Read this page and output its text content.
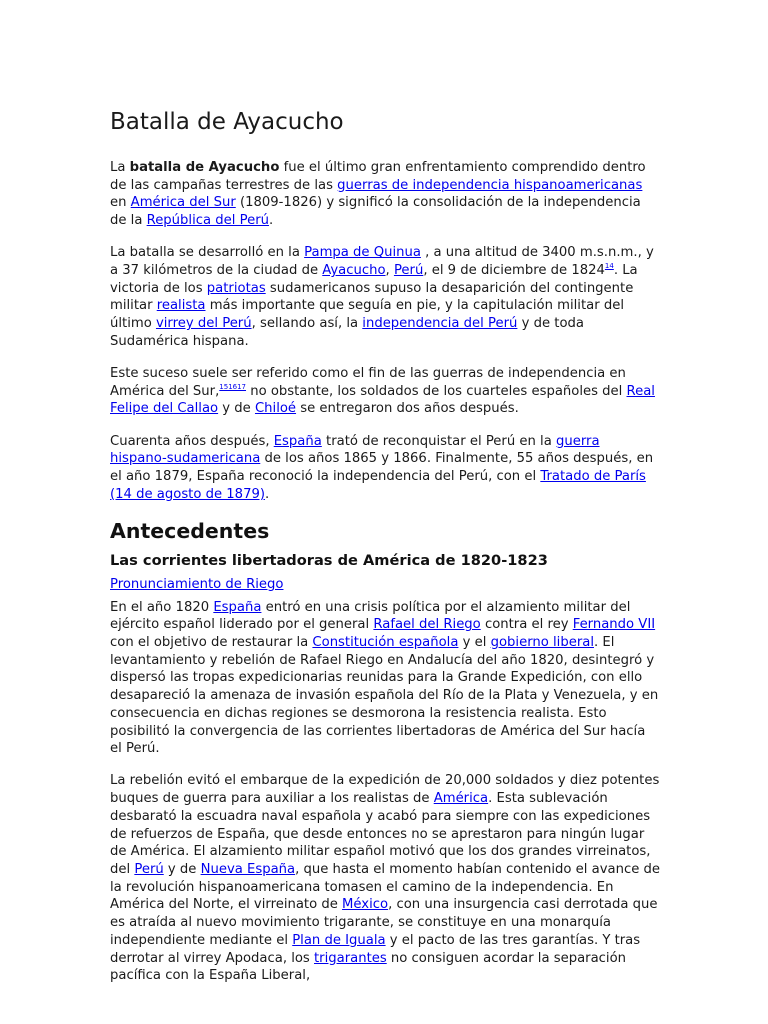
Batalla de Ayacucho

La batalla de Ayacucho fue el último gran enfrentamiento comprendido dentro de las campañas terrestres de las guerras de independencia hispanoamericanas en América del Sur (1809-1826) y significó la consolidación de la independencia de la República del Perú.

La batalla se desarrolló en la Pampa de Quinua , a una altitud de 3400 m.s.n.m., y a 37 kilómetros de la ciudad de Ayacucho, Perú, el 9 de diciembre de 1824$^{14}$. La victoria de los patriotas sudamericanos supuso la desaparición del contingente militar realista más importante que seguía en pie, y la capitulación militar del último virrey del Perú, sellando así, la independencia del Perú y de toda Sudamérica hispana.

Este suceso suele ser referido como el fin de las guerras de independencia en América del Sur,$^{151617}$ no obstante, los soldados de los cuarteles españoles del Real Felipe del Callao y de Chiloé se entregaron dos años después.

Cuarenta años después, España trató de reconquistar el Perú en la guerra hispano-sudamericana de los años 1865 y 1866. Finalmente, 55 años después, en el año 1879, España reconoció la independencia del Perú, con el Tratado de París (14 de agosto de 1879).

Antecedentes
Las corrientes libertadoras de América de 1820-1823
Pronunciamiento de Riego

En el año 1820 España entró en una crisis política por el alzamiento militar del ejército español liderado por el general Rafael del Riego contra el rey Fernando VII con el objetivo de restaurar la Constitución española y el gobierno liberal. El levantamiento y rebelión de Rafael Riego en Andalucía del año 1820, desintegró y dispersó las tropas expedicionarias reunidas para la Grande Expedición, con ello desapareció la amenaza de invasión española del Río de la Plata y Venezuela, y en consecuencia en dichas regiones se desmorona la resistencia realista. Esto posibilitó la convergencia de las corrientes libertadoras de América del Sur hacía el Perú.

La rebelión evitó el embarque de la expedición de 20,000 soldados y diez potentes buques de guerra para auxiliar a los realistas de América. Esta sublevación desbarató la escuadra naval española y acabó para siempre con las expediciones de refuerzos de España, que desde entonces no se aprestaron para ningún lugar de América. El alzamiento militar español motivó que los dos grandes virreinatos, del Perú y de Nueva España, que hasta el momento habían contenido el avance de la revolución hispanoamericana tomasen el camino de la independencia. En América del Norte, el virreinato de México, con una insurgencia casi derrotada que es atraída al nuevo movimiento trigarante, se constituye en una monarquía independiente mediante el Plan de Iguala y el pacto de las tres garantías. Y tras derrotar al virrey Apodaca, los trigarantes no consiguen acordar la separación pacífica con la España Liberal,
